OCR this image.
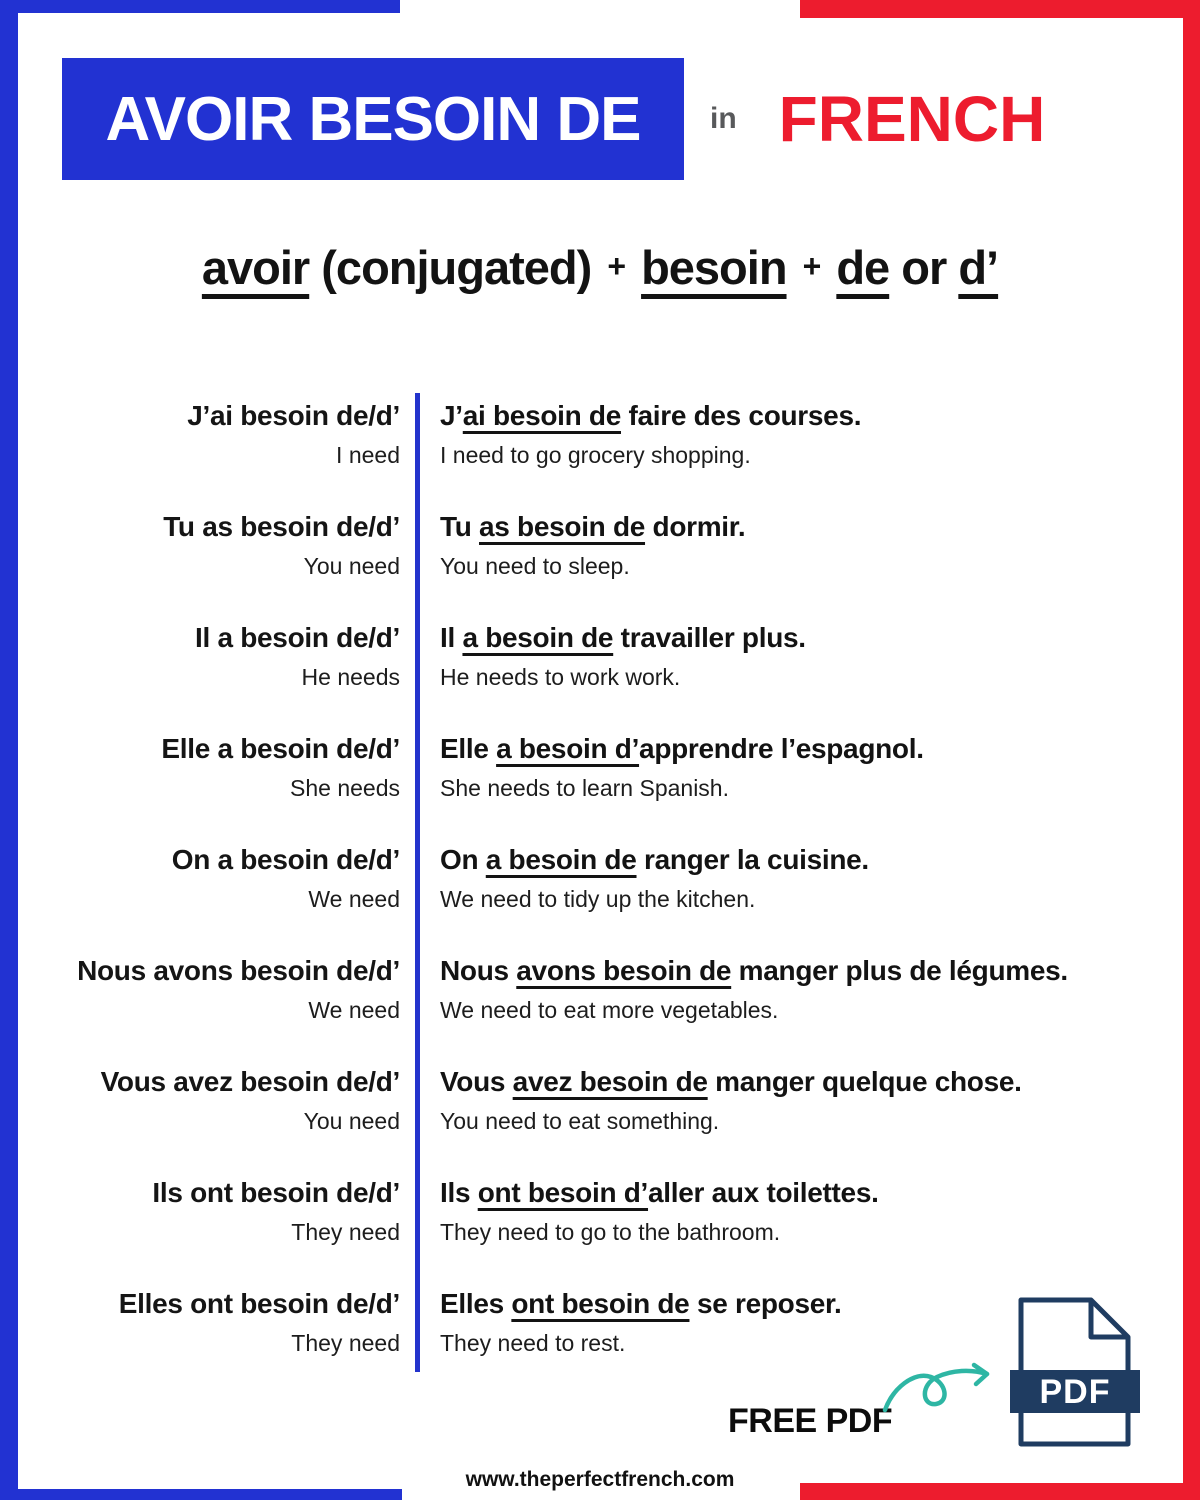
AVOIR BESOIN DE in FRENCH
avoir (conjugated) + besoin + de or d’
J’ai besoin de/d’
I need
J’ai besoin de faire des courses.
I need to go grocery shopping.
Tu as besoin de/d’
You need
Tu as besoin de dormir.
You need to sleep.
Il a besoin de/d’
He needs
Il a besoin de travailler plus.
He needs to work work.
Elle a besoin de/d’
She needs
Elle a besoin d’apprendre l’espagnol.
She needs to learn Spanish.
On a besoin de/d’
We need
On a besoin de ranger la cuisine.
We need to tidy up the kitchen.
Nous avons besoin de/d’
We need
Nous avons besoin de manger plus de légumes.
We need to eat more vegetables.
Vous avez besoin de/d’
You need
Vous avez besoin de manger quelque chose.
You need to eat something.
Ils ont besoin de/d’
They need
Ils ont besoin d’aller aux toilettes.
They need to go to the bathroom.
Elles ont besoin de/d’
They need
Elles ont besoin de se reposer.
They need to rest.
FREE PDF
PDF
www.theperfectfrench.com
